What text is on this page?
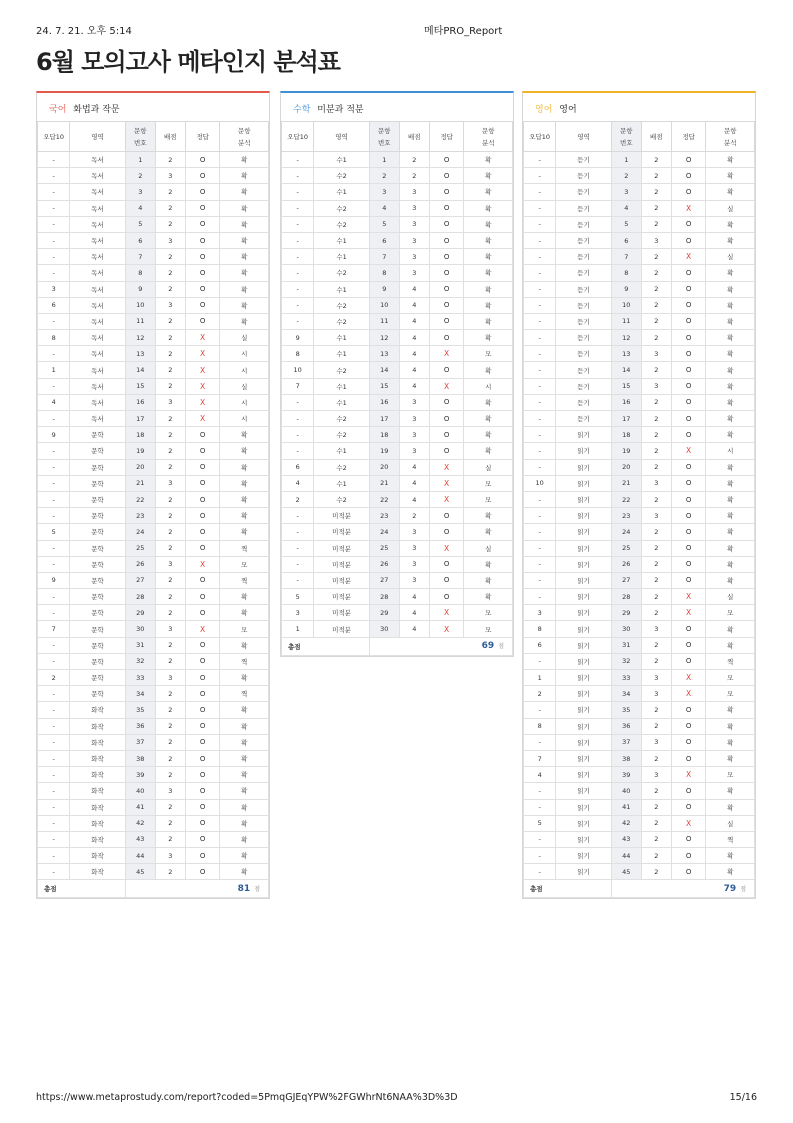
24. 7. 21. 오후 5:14	메타PRO_Report
6월 모의고사 메타인지 분석표
국어 화법과 작문
오답10	영역	문항
번호	배점	정답	문항
분석
-	독서	1	2	O	확
-	독서	2	3	O	확
-	독서	3	2	O	확
-	독서	4	2	O	확
-	독서	5	2	O	확
-	독서	6	3	O	확
-	독서	7	2	O	확
-	독서	8	2	O	확
3	독서	9	2	O	확
6	독서	10	3	O	확
-	독서	11	2	O	확
8	독서	12	2	X	실
-	독서	13	2	X	시
1	독서	14	2	X	시
-	독서	15	2	X	실
4	독서	16	3	X	시
-	독서	17	2	X	시
9	문학	18	2	O	확
-	문학	19	2	O	확
-	문학	20	2	O	확
-	문학	21	3	O	확
-	문학	22	2	O	확
-	문학	23	2	O	확
5	문학	24	2	O	확
-	문학	25	2	O	찍
-	문학	26	3	X	모
9	문학	27	2	O	찍
-	문학	28	2	O	확
-	문학	29	2	O	확
7	문학	30	3	X	모
-	문학	31	2	O	확
-	문학	32	2	O	찍
2	문학	33	3	O	확
-	문학	34	2	O	찍
-	화작	35	2	O	확
-	화작	36	2	O	확
-	화작	37	2	O	확
-	화작	38	2	O	확
-	화작	39	2	O	확
-	화작	40	3	O	확
-	화작	41	2	O	확
-	화작	42	2	O	확
-	화작	43	2	O	확
-	화작	44	3	O	확
-	화작	45	2	O	확
총점		81 점			
수학 미분과 적분
오답10	영역	문항
번호	배점	정답	문항
분석
-	수1	1	2	O	확
-	수2	2	2	O	확
-	수1	3	3	O	확
-	수2	4	3	O	확
-	수2	5	3	O	확
-	수1	6	3	O	확
-	수1	7	3	O	확
-	수2	8	3	O	확
-	수1	9	4	O	확
-	수2	10	4	O	확
-	수2	11	4	O	확
9	수1	12	4	O	확
8	수1	13	4	X	모
10	수2	14	4	O	확
7	수1	15	4	X	시
-	수1	16	3	O	확
-	수2	17	3	O	확
-	수2	18	3	O	확
-	수1	19	3	O	확
6	수2	20	4	X	실
4	수1	21	4	X	모
2	수2	22	4	X	모
-	미적분	23	2	O	확
-	미적분	24	3	O	확
-	미적분	25	3	X	실
-	미적분	26	3	O	확
-	미적분	27	3	O	확
5	미적분	28	4	O	확
3	미적분	29	4	X	모
1	미적분	30	4	X	모
총점		69 점			
영어 영어
오답10	영역	문항
번호	배점	정답	문항
분석
-	듣기	1	2	O	확
-	듣기	2	2	O	확
-	듣기	3	2	O	확
-	듣기	4	2	X	실
-	듣기	5	2	O	확
-	듣기	6	3	O	확
-	듣기	7	2	X	실
-	듣기	8	2	O	확
-	듣기	9	2	O	확
-	듣기	10	2	O	확
-	듣기	11	2	O	확
-	듣기	12	2	O	확
-	듣기	13	3	O	확
-	듣기	14	2	O	확
-	듣기	15	3	O	확
-	듣기	16	2	O	확
-	듣기	17	2	O	확
-	읽기	18	2	O	확
-	읽기	19	2	X	시
-	읽기	20	2	O	확
10	읽기	21	3	O	확
-	읽기	22	2	O	확
-	읽기	23	3	O	확
-	읽기	24	2	O	확
-	읽기	25	2	O	확
-	읽기	26	2	O	확
-	읽기	27	2	O	확
-	읽기	28	2	X	실
3	읽기	29	2	X	모
8	읽기	30	3	O	확
6	읽기	31	2	O	확
-	읽기	32	2	O	찍
1	읽기	33	3	X	모
2	읽기	34	3	X	모
-	읽기	35	2	O	확
8	읽기	36	2	O	확
-	읽기	37	3	O	확
7	읽기	38	2	O	확
4	읽기	39	3	X	모
-	읽기	40	2	O	확
-	읽기	41	2	O	확
5	읽기	42	2	X	실
-	읽기	43	2	O	찍
-	읽기	44	2	O	확
-	읽기	45	2	O	확
총점		79 점			
https://www.metaprostudy.com/report?coded=5PmqGJEqYPW%2FGWhrNt6NAA%3D%3D	15/16
